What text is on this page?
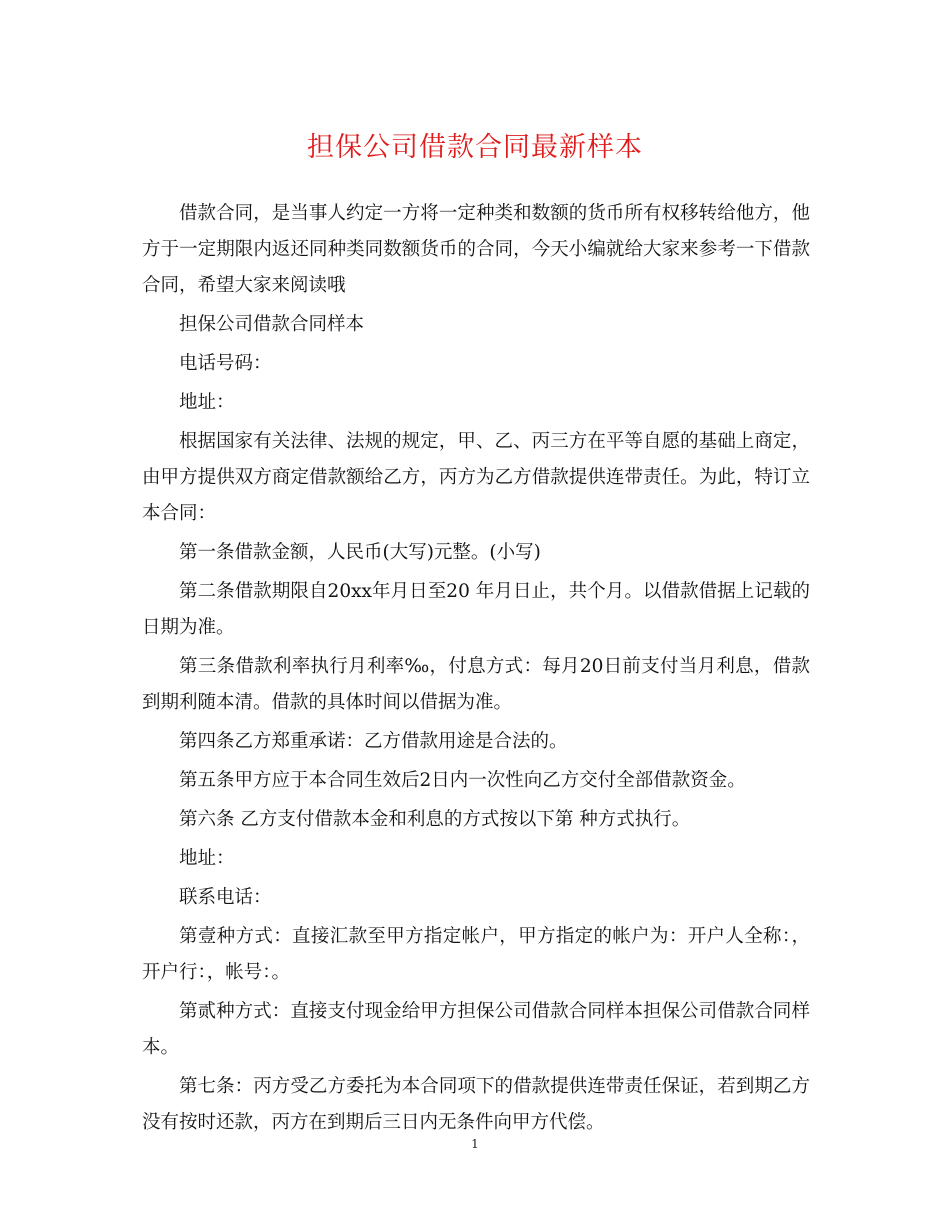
担保公司借款合同最新样本

借款合同，是当事人约定一方将一定种类和数额的货币所有权移转给他方，他方于一定期限内返还同种类同数额货币的合同，今天小编就给大家来参考一下借款合同，希望大家来阅读哦

担保公司借款合同样本

电话号码：

地址：

根据国家有关法律、法规的规定，甲、乙、丙三方在平等自愿的基础上商定，由甲方提供双方商定借款额给乙方，丙方为乙方借款提供连带责任。为此，特订立本合同：

第一条借款金额，人民币(大写)元整。(小写)

第二条借款期限自20xx年月日至20 年月日止，共个月。以借款借据上记载的日期为准。

第三条借款利率执行月利率‰，付息方式：每月20日前支付当月利息，借款到期利随本清。借款的具体时间以借据为准。

第四条乙方郑重承诺：乙方借款用途是合法的。

第五条甲方应于本合同生效后2日内一次性向乙方交付全部借款资金。

第六条 乙方支付借款本金和利息的方式按以下第 种方式执行。

地址：

联系电话：

第壹种方式：直接汇款至甲方指定帐户，甲方指定的帐户为：开户人全称：，开户行：，帐号：。

第贰种方式：直接支付现金给甲方担保公司借款合同样本担保公司借款合同样本。

第七条：丙方受乙方委托为本合同项下的借款提供连带责任保证，若到期乙方没有按时还款，丙方在到期后三日内无条件向甲方代偿。

1
